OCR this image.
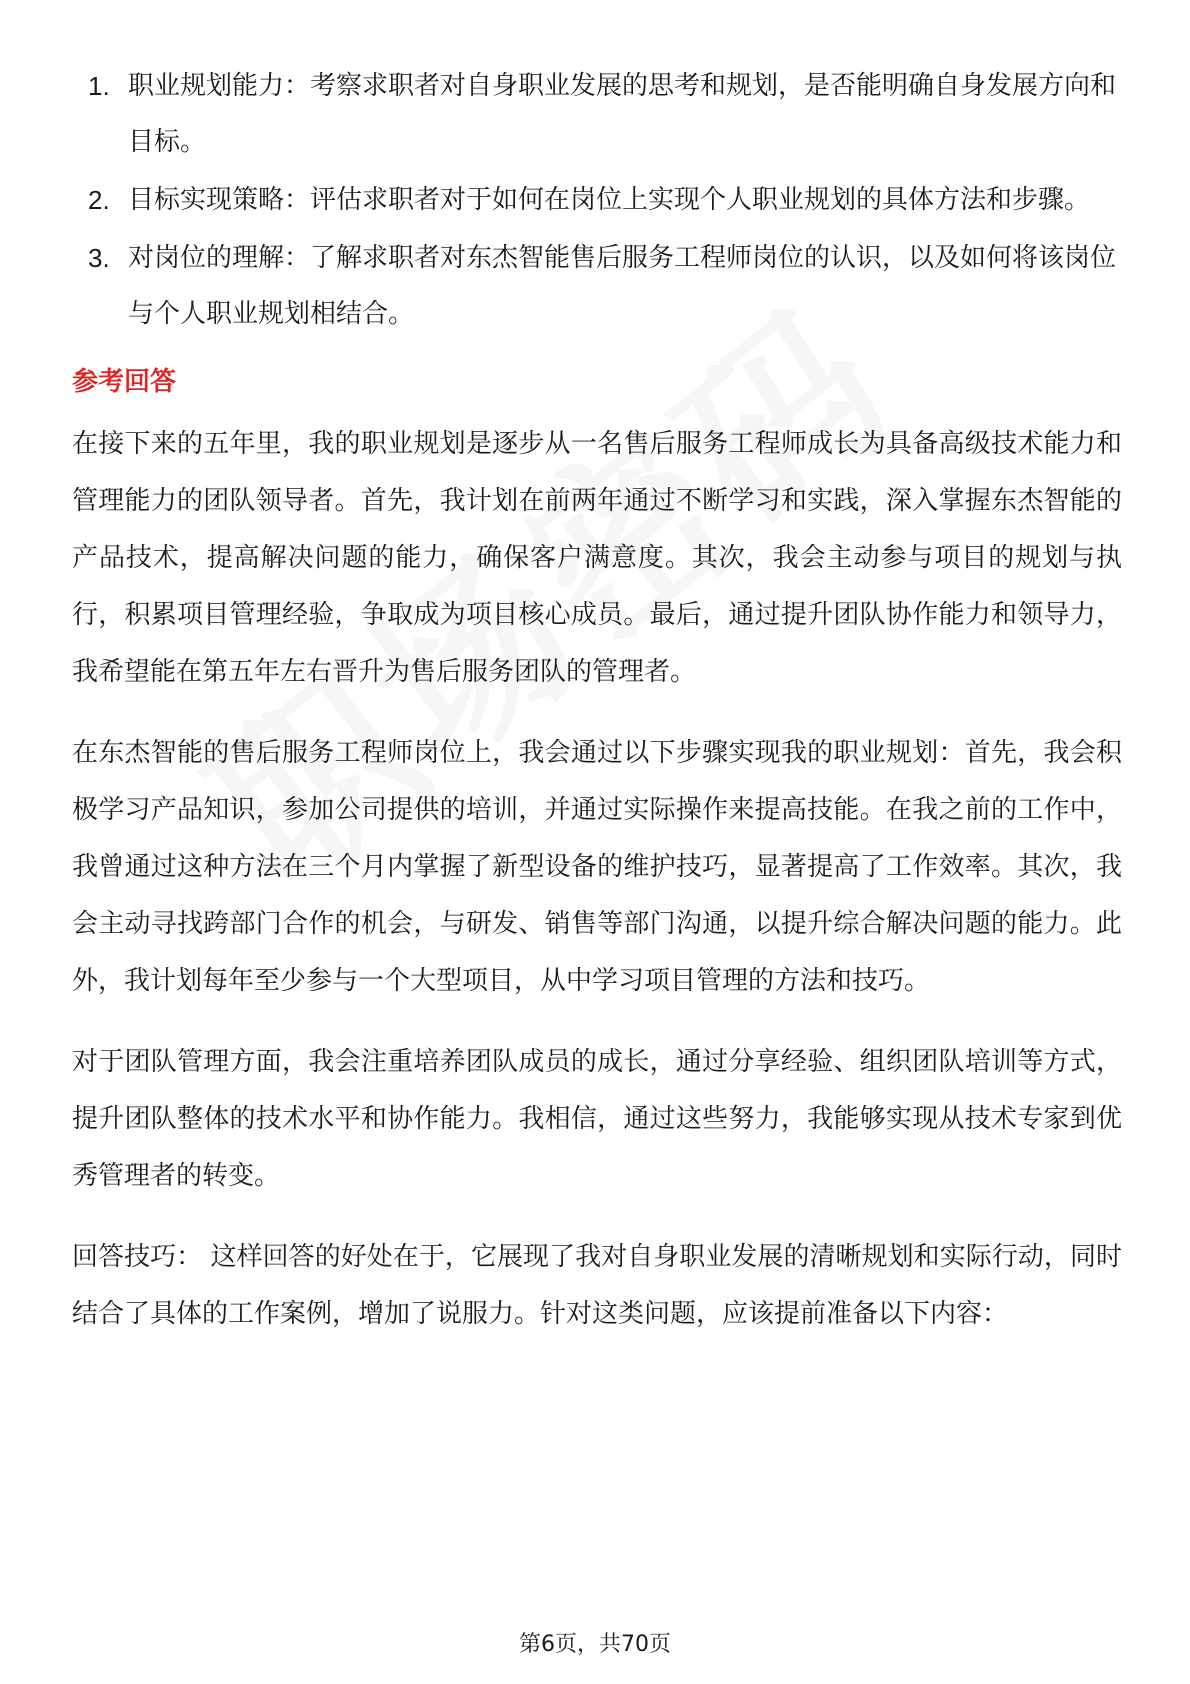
1. 职业规划能力：考察求职者对自身职业发展的思考和规划，是否能明确自身发展方向和目标。
2. 目标实现策略：评估求职者对于如何在岗位上实现个人职业规划的具体方法和步骤。
3. 对岗位的理解：了解求职者对东杰智能售后服务工程师岗位的认识，以及如何将该岗位与个人职业规划相结合。
参考回答

在接下来的五年里，我的职业规划是逐步从一名售后服务工程师成长为具备高级技术能力和管理能力的团队领导者。首先，我计划在前两年通过不断学习和实践，深入掌握东杰智能的产品技术，提高解决问题的能力，确保客户满意度。其次，我会主动参与项目的规划与执行，积累项目管理经验，争取成为项目核心成员。最后，通过提升团队协作能力和领导力，我希望能在第五年左右晋升为售后服务团队的管理者。

在东杰智能的售后服务工程师岗位上，我会通过以下步骤实现我的职业规划：首先，我会积极学习产品知识，参加公司提供的培训，并通过实际操作来提高技能。在我之前的工作中，我曾通过这种方法在三个月内掌握了新型设备的维护技巧，显著提高了工作效率。其次，我会主动寻找跨部门合作的机会，与研发、销售等部门沟通，以提升综合解决问题的能力。此外，我计划每年至少参与一个大型项目，从中学习项目管理的方法和技巧。

对于团队管理方面，我会注重培养团队成员的成长，通过分享经验、组织团队培训等方式，提升团队整体的技术水平和协作能力。我相信，通过这些努力，我能够实现从技术专家到优秀管理者的转变。

回答技巧： 这样回答的好处在于，它展现了我对自身职业发展的清晰规划和实际行动，同时结合了具体的工作案例，增加了说服力。针对这类问题，应该提前准备以下内容：

第6页，共70页
